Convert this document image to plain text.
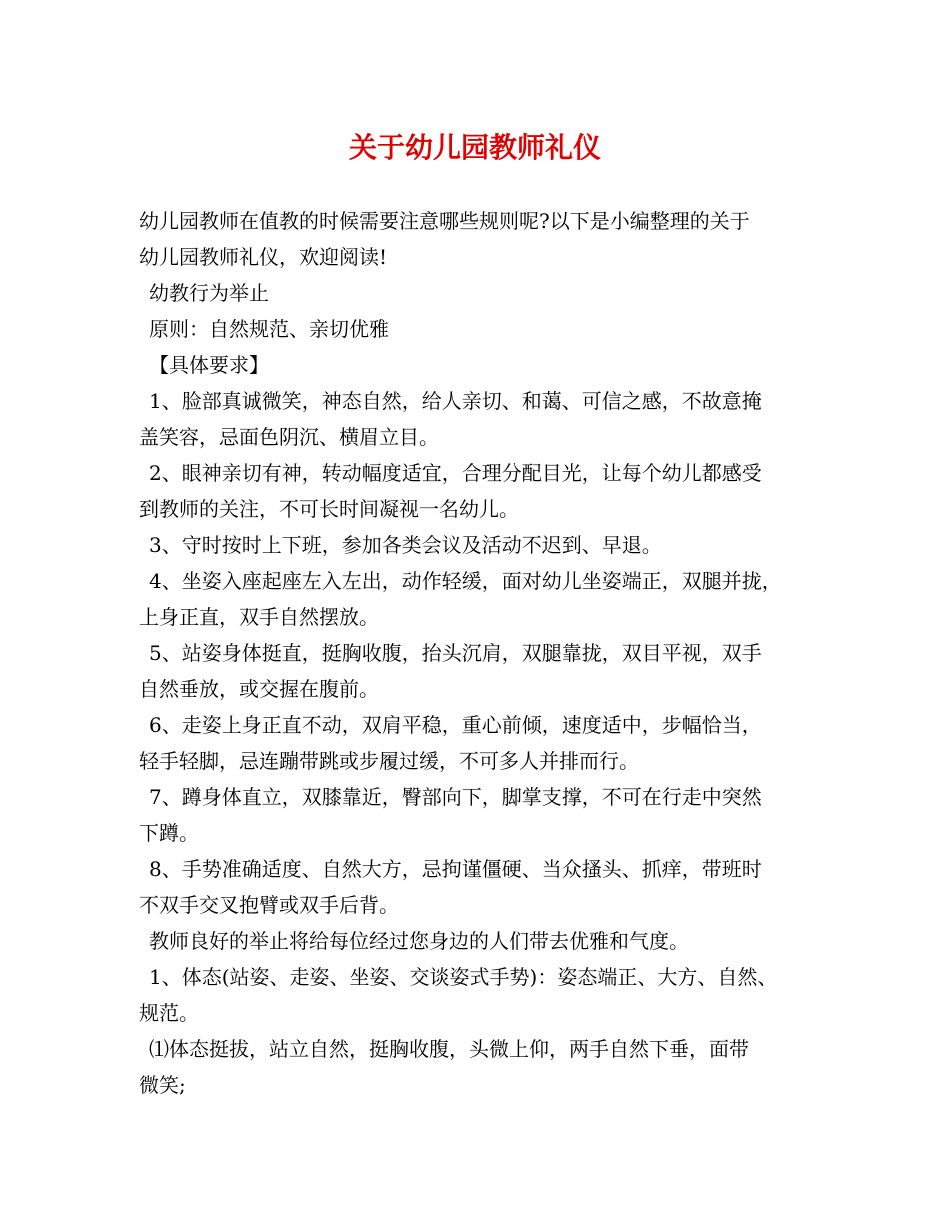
关于幼儿园教师礼仪

幼儿园教师在值教的时候需要注意哪些规则呢?以下是小编整理的关于

幼儿园教师礼仪，欢迎阅读!

幼教行为举止

原则：自然规范、亲切优雅

【具体要求】

1、脸部真诚微笑，神态自然，给人亲切、和蔼、可信之感，不故意掩

盖笑容，忌面色阴沉、横眉立目。

2、眼神亲切有神，转动幅度适宜，合理分配目光，让每个幼儿都感受

到教师的关注，不可长时间凝视一名幼儿。

3、守时按时上下班，参加各类会议及活动不迟到、早退。

4、坐姿入座起座左入左出，动作轻缓，面对幼儿坐姿端正，双腿并拢，

上身正直，双手自然摆放。

5、站姿身体挺直，挺胸收腹，抬头沉肩，双腿靠拢，双目平视，双手

自然垂放，或交握在腹前。

6、走姿上身正直不动，双肩平稳，重心前倾，速度适中，步幅恰当，

轻手轻脚，忌连蹦带跳或步履过缓，不可多人并排而行。

7、蹲身体直立，双膝靠近，臀部向下，脚掌支撑，不可在行走中突然

下蹲。

8、手势准确适度、自然大方，忌拘谨僵硬、当众搔头、抓痒，带班时

不双手交叉抱臂或双手后背。

教师良好的举止将给每位经过您身边的人们带去优雅和气度。

1、体态(站姿、走姿、坐姿、交谈姿式手势)：姿态端正、大方、自然、

规范。

⑴体态挺拔，站立自然，挺胸收腹，头微上仰，两手自然下垂，面带

微笑;
